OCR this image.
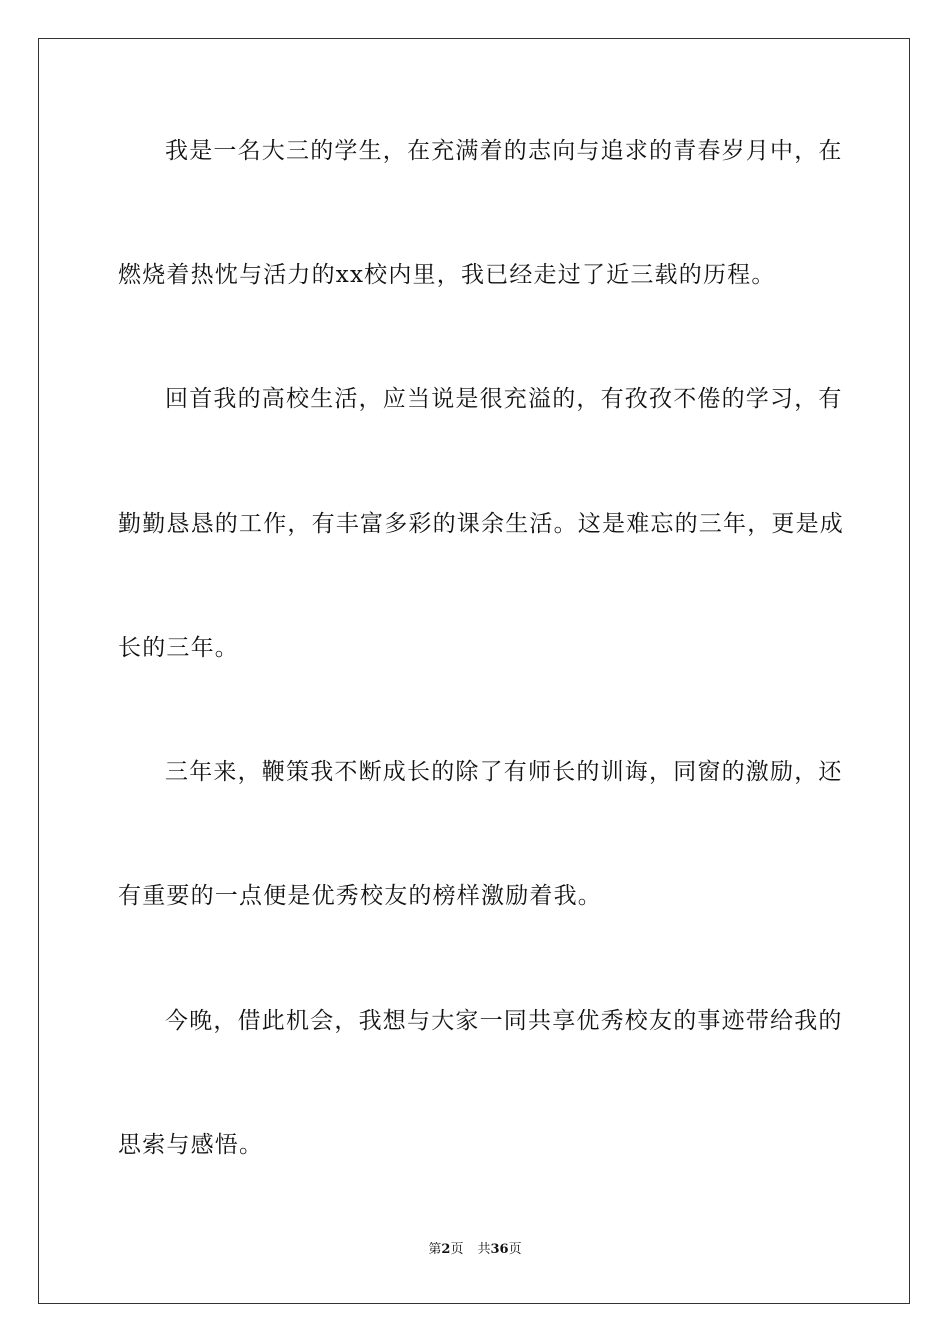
我是一名大三的学生，在充满着的志向与追求的青春岁月中，在
燃烧着热忱与活力的xx校内里，我已经走过了近三载的历程。
回首我的高校生活，应当说是很充溢的，有孜孜不倦的学习，有
勤勤恳恳的工作，有丰富多彩的课余生活。这是难忘的三年，更是成
长的三年。
三年来，鞭策我不断成长的除了有师长的训诲，同窗的激励，还
有重要的一点便是优秀校友的榜样激励着我。
今晚，借此机会，我想与大家一同共享优秀校友的事迹带给我的
思索与感悟。
第2页 共36页
